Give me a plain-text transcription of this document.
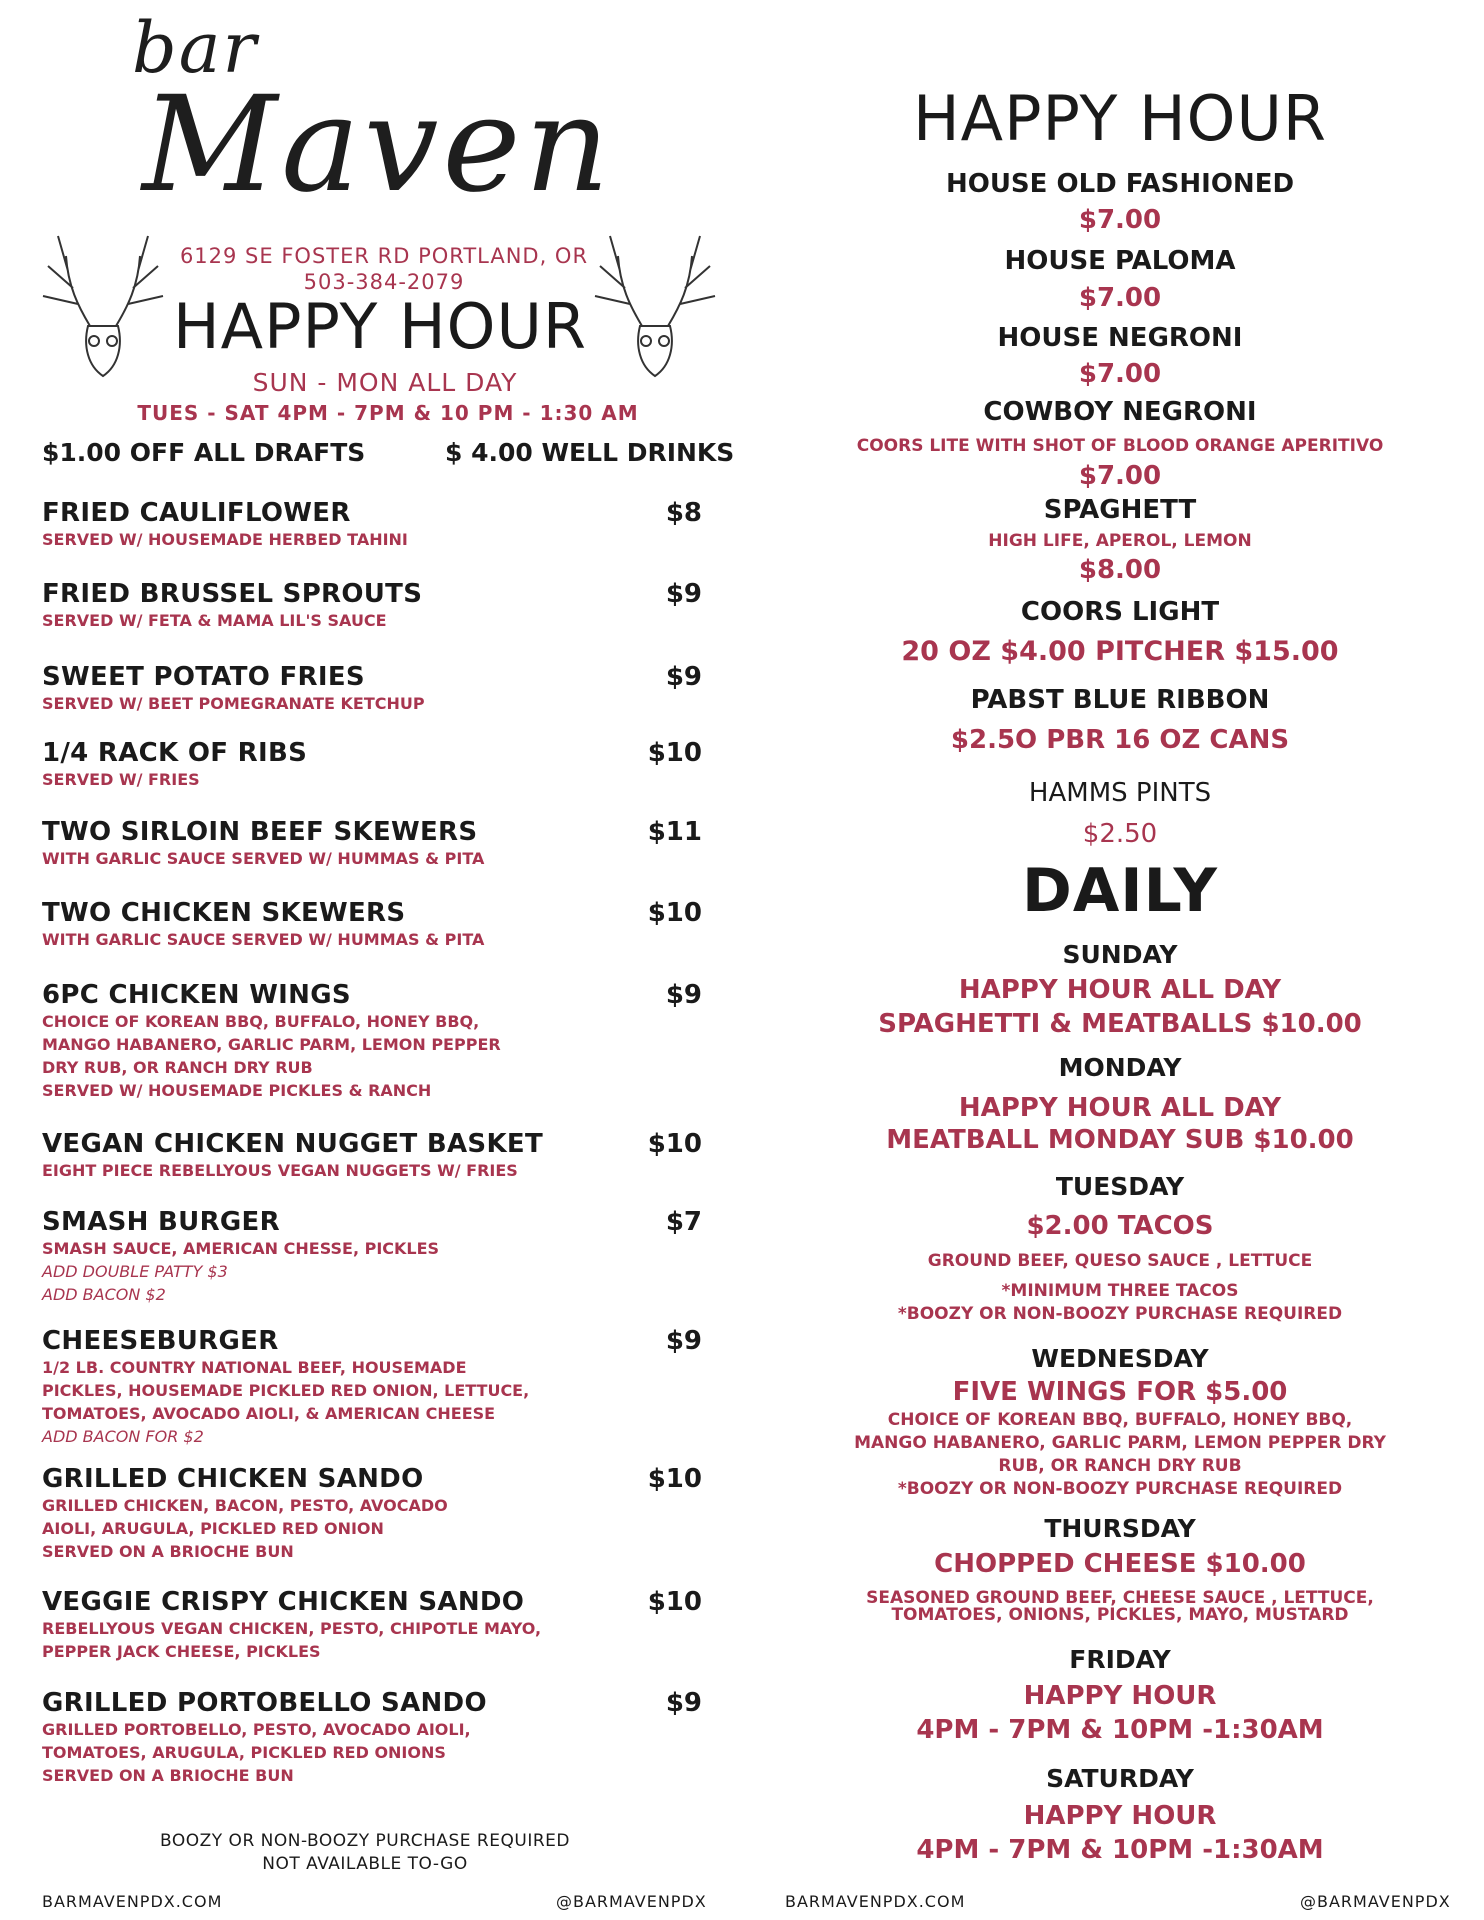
bar
Maven
6129 SE FOSTER RD PORTLAND, OR
503-384-2079
HAPPY HOUR
SUN - MON ALL DAY
TUES - SAT 4PM - 7PM & 10 PM - 1:30 AM
$1.00 OFF ALL DRAFTS	$ 4.00 WELL DRINKS
FRIED CAULIFLOWER	$8
SERVED W/ HOUSEMADE HERBED TAHINI
FRIED BRUSSEL SPROUTS	$9
SERVED W/ FETA & MAMA LIL'S SAUCE
SWEET POTATO FRIES	$9
SERVED W/ BEET POMEGRANATE KETCHUP
1/4 RACK OF RIBS	$10
SERVED W/ FRIES
TWO SIRLOIN BEEF SKEWERS	$11
WITH GARLIC SAUCE SERVED W/ HUMMAS & PITA
TWO CHICKEN SKEWERS	$10
WITH GARLIC SAUCE SERVED W/ HUMMAS & PITA
6PC CHICKEN WINGS	$9
CHOICE OF KOREAN BBQ, BUFFALO, HONEY BBQ,
MANGO HABANERO, GARLIC PARM, LEMON PEPPER
DRY RUB, OR RANCH DRY RUB
SERVED W/ HOUSEMADE PICKLES & RANCH
VEGAN CHICKEN NUGGET BASKET	$10
EIGHT PIECE REBELLYOUS VEGAN NUGGETS W/ FRIES
SMASH BURGER	$7
SMASH SAUCE, AMERICAN CHESSE, PICKLES
ADD DOUBLE PATTY $3
ADD BACON $2
CHEESEBURGER	$9
1/2 LB. COUNTRY NATIONAL BEEF, HOUSEMADE
PICKLES, HOUSEMADE PICKLED RED ONION, LETTUCE,
TOMATOES, AVOCADO AIOLI, & AMERICAN CHEESE
ADD BACON FOR $2
GRILLED CHICKEN SANDO	$10
GRILLED CHICKEN, BACON, PESTO, AVOCADO
AIOLI, ARUGULA, PICKLED RED ONION
SERVED ON A BRIOCHE BUN
VEGGIE CRISPY CHICKEN SANDO	$10
REBELLYOUS VEGAN CHICKEN, PESTO, CHIPOTLE MAYO,
PEPPER JACK CHEESE, PICKLES
GRILLED PORTOBELLO SANDO	$9
GRILLED PORTOBELLO, PESTO, AVOCADO AIOLI,
TOMATOES, ARUGULA, PICKLED RED ONIONS
SERVED ON A BRIOCHE BUN
BOOZY OR NON-BOOZY PURCHASE REQUIRED
NOT AVAILABLE TO-GO
BARMAVENPDX.COM	@BARMAVENPDX
HAPPY HOUR
HOUSE OLD FASHIONED
$7.00
HOUSE PALOMA
$7.00
HOUSE NEGRONI
$7.00
COWBOY NEGRONI
COORS LITE WITH SHOT OF BLOOD ORANGE APERITIVO
$7.00
SPAGHETT
HIGH LIFE, APEROL, LEMON
$8.00
COORS LIGHT
20 OZ $4.00 PITCHER $15.00
PABST BLUE RIBBON
$2.5O PBR 16 OZ CANS
HAMMS PINTS
$2.50
DAILY
SUNDAY
HAPPY HOUR ALL DAY
SPAGHETTI & MEATBALLS $10.00
MONDAY
HAPPY HOUR ALL DAY
MEATBALL MONDAY SUB $10.00
TUESDAY
$2.00 TACOS
GROUND BEEF, QUESO SAUCE , LETTUCE
*MINIMUM THREE TACOS
*BOOZY OR NON-BOOZY PURCHASE REQUIRED
WEDNESDAY
FIVE WINGS FOR $5.00
CHOICE OF KOREAN BBQ, BUFFALO, HONEY BBQ,
MANGO HABANERO, GARLIC PARM, LEMON PEPPER DRY
RUB, OR RANCH DRY RUB
*BOOZY OR NON-BOOZY PURCHASE REQUIRED
THURSDAY
CHOPPED CHEESE $10.00
SEASONED GROUND BEEF, CHEESE SAUCE , LETTUCE,
TOMATOES, ONIONS, PICKLES, MAYO, MUSTARD
FRIDAY
HAPPY HOUR
4PM - 7PM & 10PM -1:30AM
SATURDAY
HAPPY HOUR
4PM - 7PM & 10PM -1:30AM
BARMAVENPDX.COM	@BARMAVENPDX
